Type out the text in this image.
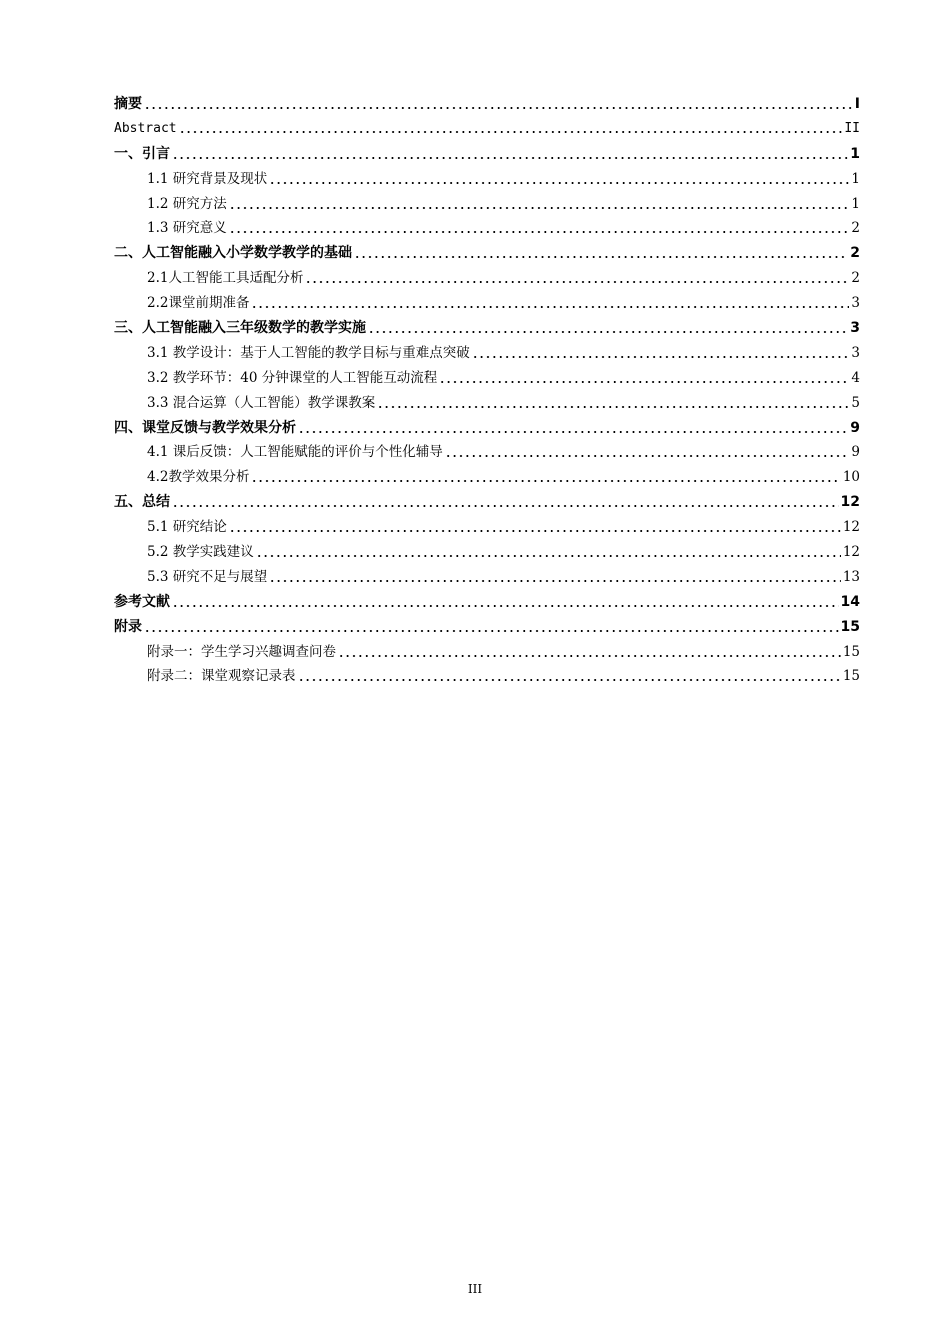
摘要	I
Abstract	II
一、引言	1
1.1 研究背景及现状	1
1.2 研究方法	1
1.3 研究意义	2
二、人工智能融入小学数学教学的基础	2
2.1人工智能工具适配分析	2
2.2课堂前期准备	3
三、人工智能融入三年级数学的教学实施	3
3.1 教学设计：基于人工智能的教学目标与重难点突破	3
3.2 教学环节：40 分钟课堂的人工智能互动流程	4
3.3 混合运算（人工智能）教学课教案	5
四、课堂反馈与教学效果分析	9
4.1 课后反馈：人工智能赋能的评价与个性化辅导	9
4.2教学效果分析	10
五、总结	12
5.1 研究结论	12
5.2 教学实践建议	12
5.3 研究不足与展望	13
参考文献	14
附录	15
附录一：学生学习兴趣调查问卷	15
附录二：课堂观察记录表	15
III
